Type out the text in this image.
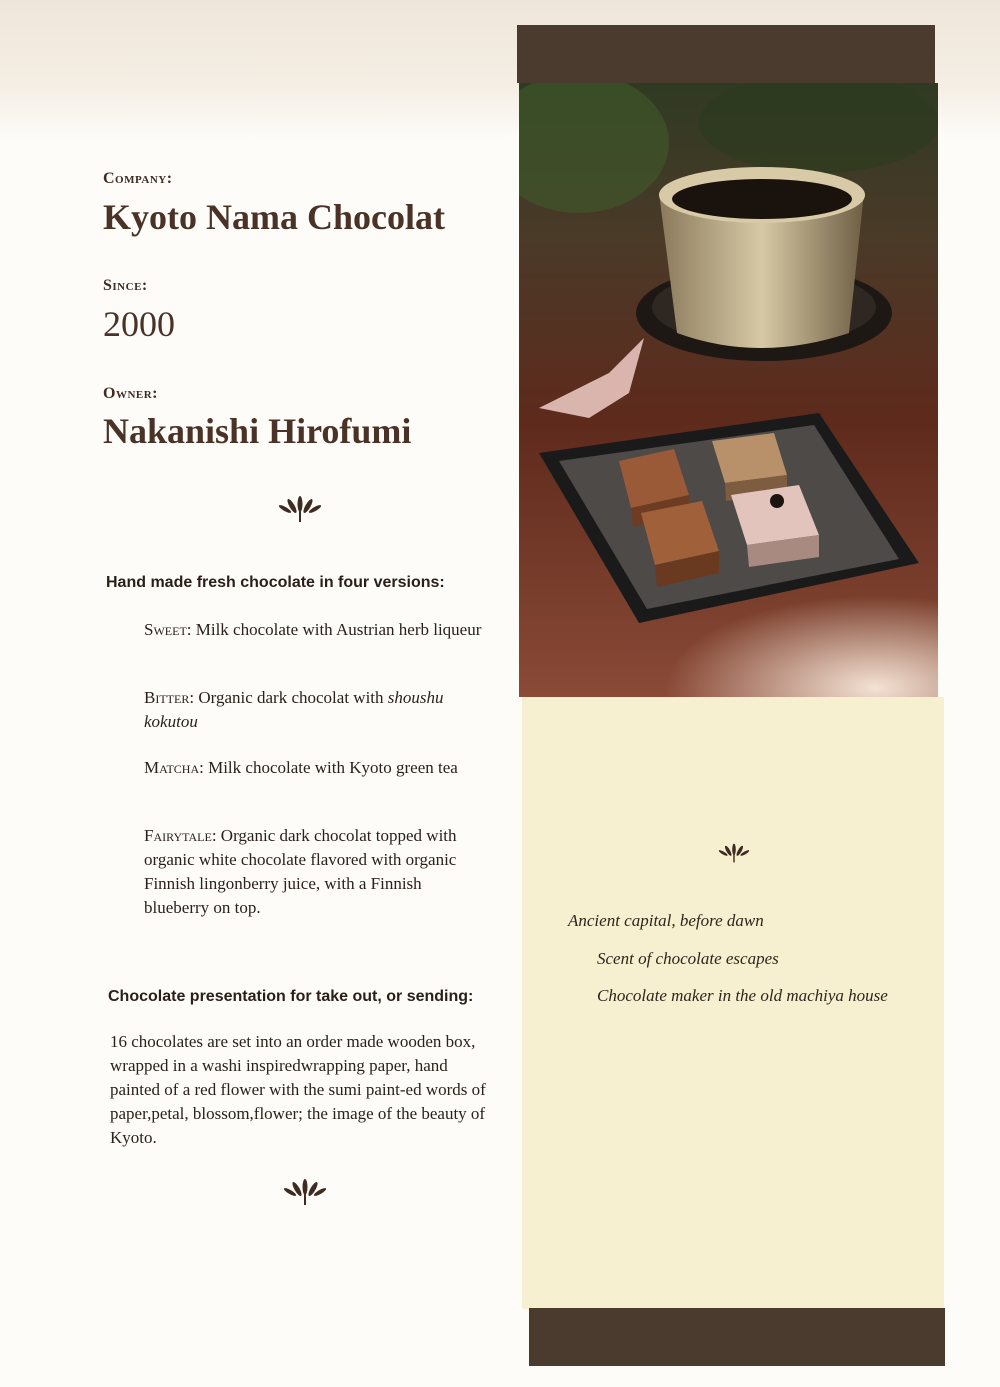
Company:
Kyoto Nama Chocolat
Since:
2000
Owner:
Nakanishi Hirofumi
Hand made fresh chocolate in four versions:
Sweet: Milk chocolate with Austrian herb liqueur
Bitter: Organic dark chocolat with shoushu kokutou
Matcha: Milk chocolate with Kyoto green tea
Fairytale: Organic dark chocolat topped with organic white chocolate flavored with organic Finnish lingonberry juice, with a Finnish blueberry on top.
Chocolate presentation for take out, or sending:
16 chocolates are set into an order made wooden box, wrapped in a washi inspiredwrapping paper, hand painted of a red flower with the sumi paint-ed words of paper,petal, blossom,flower; the image of the beauty of Kyoto.
Ancient capital, before dawn
Scent of chocolate escapes
Chocolate maker in the old machiya house
